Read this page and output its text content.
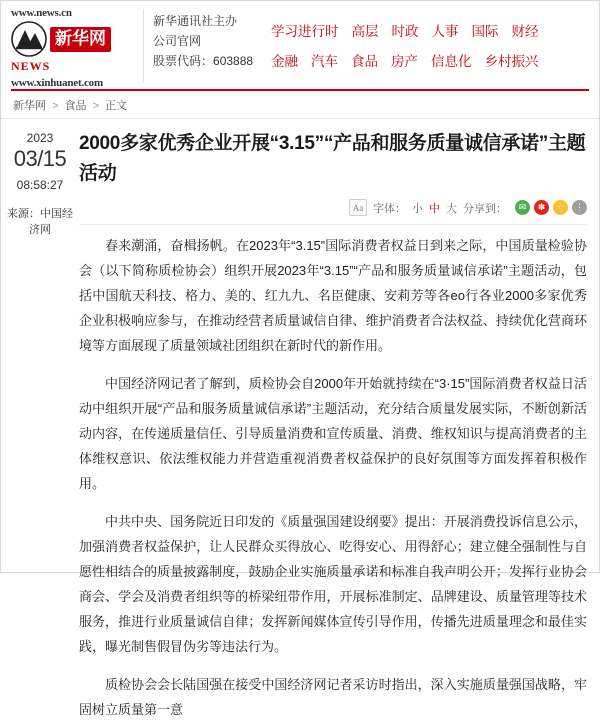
www.news.cn
新华网
NEWS
www.xinhuanet.com
新华通讯社主办
公司官网
股票代码：603888
学习进行时 高层 时政 人事 国际 财经
金融 汽车 食品 房产 信息化 乡村振兴
新华网 > 食品 > 正文
2023
03/15
08:58:27
来源：中国经济网
2000多家优秀企业开展“3.15”“产品和服务质量诚信承诺”主题活动
Aa 字体： 小 中 大 分享到：	✉	✽	☆	⋮

春来潮涌，奋楫扬帆。在2023年“3.15”国际消费者权益日到来之际，中国质量检验协会（以下简称质检协会）组织开展2023年“3.15”“产品和服务质量诚信承诺”主题活动，包括中国航天科技、格力、美的、红九九、名臣健康、安莉芳等各ео行各业2000多家优秀企业积极响应参与，在推动经营者质量诚信自律、维护消费者合法权益、持续优化营商环境等方面展现了质量领域社团组织在新时代的新作用。

中国经济网记者了解到，质检协会自2000年开始就持续在“3·15”国际消费者权益日活动中组织开展“产品和服务质量诚信承诺”主题活动，充分结合质量发展实际，不断创新活动内容，在传递质量信任、引导质量消费和宣传质量、消费、维权知识与提高消费者的主体维权意识、依法维权能力并营造重视消费者权益保护的良好氛围等方面发挥着积极作用。

中共中央、国务院近日印发的《质量强国建设纲要》提出：开展消费投诉信息公示，加强消费者权益保护，让人民群众买得放心、吃得安心、用得舒心；建立健全强制性与自愿性相结合的质量披露制度，鼓励企业实施质量承诺和标准自我声明公开；发挥行业协会商会、学会及消费者组织等的桥梁纽带作用，开展标准制定、品牌建设、质量管理等技术服务，推进行业质量诚信自律；发挥新闻媒体宣传引导作用，传播先进质量理念和最佳实践，曝光制售假冒伪劣等违法行为。

质检协会会长陆国强在接受中国经济网记者采访时指出，深入实施质量强国战略，牢固树立质量第一意
